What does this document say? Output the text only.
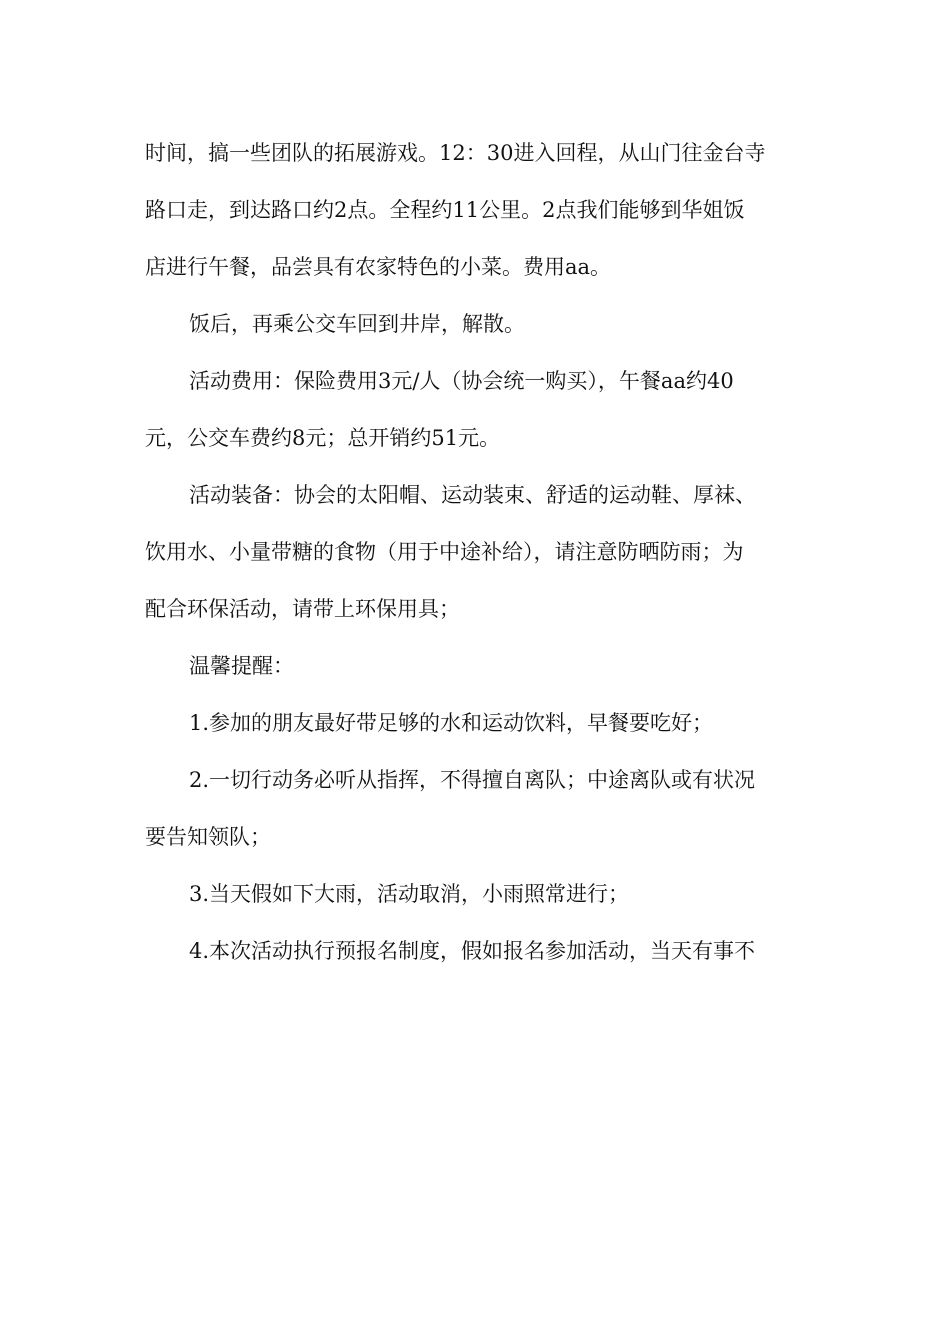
时间，搞一些团队的拓展游戏。12：30进入回程，从山门往金台寺
路口走，到达路口约2点。全程约11公里。2点我们能够到华姐饭
店进行午餐，品尝具有农家特色的小菜。费用aa。
饭后，再乘公交车回到井岸，解散。
活动费用：保险费用3元/人（协会统一购买），午餐aa约40
元，公交车费约8元；总开销约51元。
活动装备：协会的太阳帽、运动装束、舒适的运动鞋、厚袜、
饮用水、小量带糖的食物（用于中途补给），请注意防晒防雨；为
配合环保活动，请带上环保用具；
温馨提醒：
1.参加的朋友最好带足够的水和运动饮料，早餐要吃好；
2.一切行动务必听从指挥，不得擅自离队；中途离队或有状况
要告知领队；
3.当天假如下大雨，活动取消，小雨照常进行；
4.本次活动执行预报名制度，假如报名参加活动，当天有事不
